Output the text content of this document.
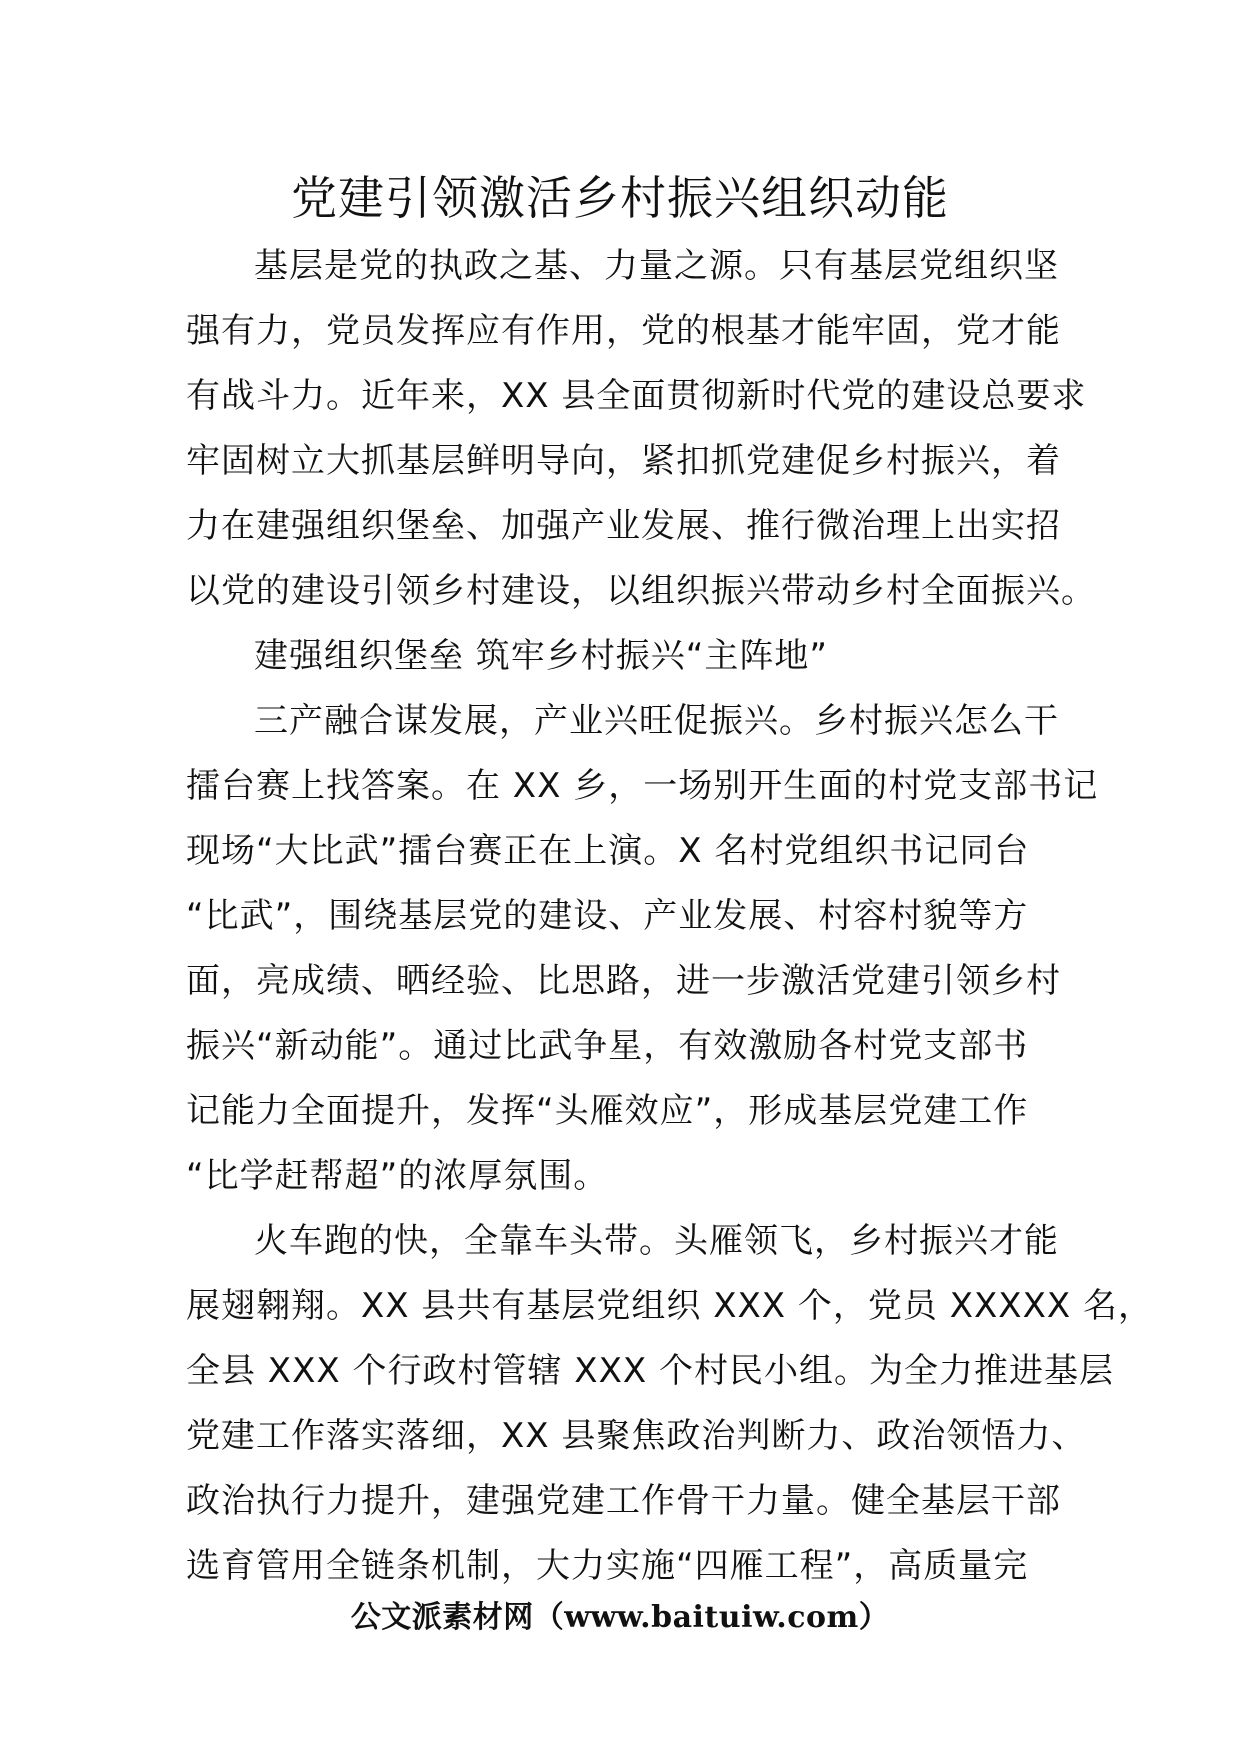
党建引领激活乡村振兴组织动能
基层是党的执政之基、力量之源。只有基层党组织坚
强有力，党员发挥应有作用，党的根基才能牢固，党才能
有战斗力。近年来，XX 县全面贯彻新时代党的建设总要求
牢固树立大抓基层鲜明导向，紧扣抓党建促乡村振兴，着
力在建强组织堡垒、加强产业发展、推行微治理上出实招
以党的建设引领乡村建设，以组织振兴带动乡村全面振兴。
建强组织堡垒 筑牢乡村振兴“主阵地”
三产融合谋发展，产业兴旺促振兴。乡村振兴怎么干
擂台赛上找答案。在 XX 乡，一场别开生面的村党支部书记
现场“大比武”擂台赛正在上演。X 名村党组织书记同台
“比武”，围绕基层党的建设、产业发展、村容村貌等方
面，亮成绩、晒经验、比思路，进一步激活党建引领乡村
振兴“新动能”。通过比武争星，有效激励各村党支部书
记能力全面提升，发挥“头雁效应”，形成基层党建工作
“比学赶帮超”的浓厚氛围。
火车跑的快，全靠车头带。头雁领飞，乡村振兴才能
展翅翱翔。XX 县共有基层党组织 XXX 个，党员 XXXXX 名，
全县 XXX 个行政村管辖 XXX 个村民小组。为全力推进基层
党建工作落实落细，XX 县聚焦政治判断力、政治领悟力、
政治执行力提升，建强党建工作骨干力量。健全基层干部
选育管用全链条机制，大力实施“四雁工程”，高质量完
公文派素材网（www.baituiw.com）
